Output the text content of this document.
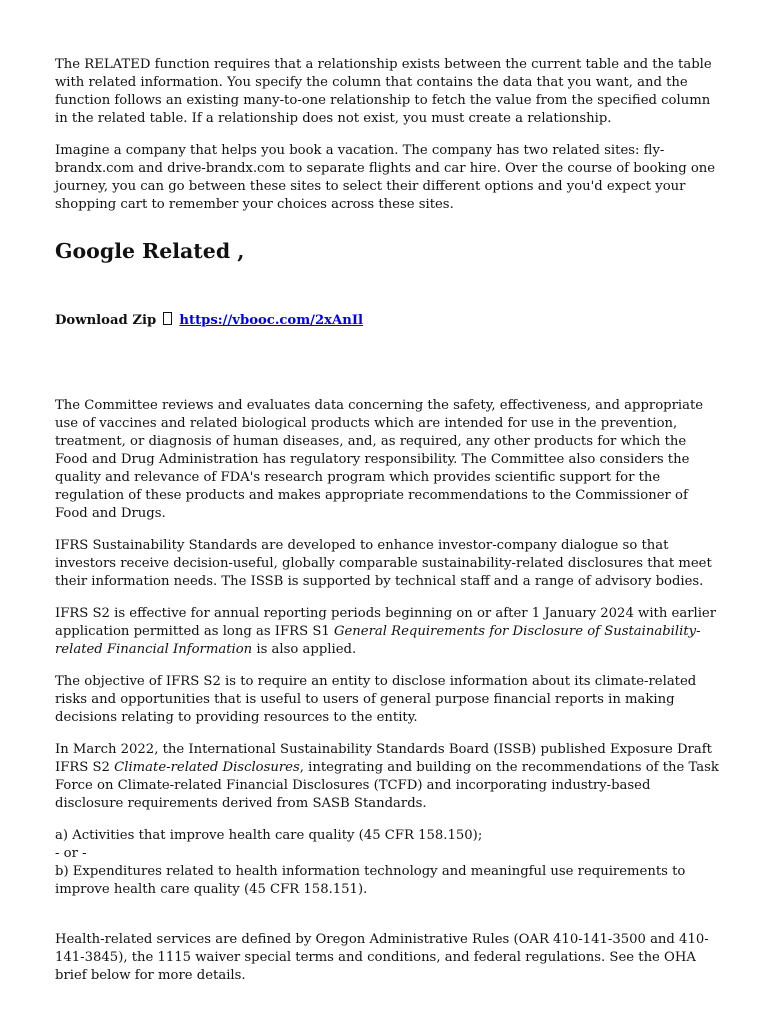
The RELATED function requires that a relationship exists between the current table and the table with related information. You specify the column that contains the data that you want, and the function follows an existing many-to-one relationship to fetch the value from the specified column in the related table. If a relationship does not exist, you must create a relationship.

Imagine a company that helps you book a vacation. The company has two related sites: fly-brandx.com and drive-brandx.com to separate flights and car hire. Over the course of booking one journey, you can go between these sites to select their different options and you'd expect your shopping cart to remember your choices across these sites.

Google Related ,

Download Zip https://vbooc.com/2xAnIl

The Committee reviews and evaluates data concerning the safety, effectiveness, and appropriate use of vaccines and related biological products which are intended for use in the prevention, treatment, or diagnosis of human diseases, and, as required, any other products for which the Food and Drug Administration has regulatory responsibility. The Committee also considers the quality and relevance of FDA's research program which provides scientific support for the regulation of these products and makes appropriate recommendations to the Commissioner of Food and Drugs.

IFRS Sustainability Standards are developed to enhance investor-company dialogue so that investors receive decision-useful, globally comparable sustainability-related disclosures that meet their information needs. The ISSB is supported by technical staff and a range of advisory bodies.

IFRS S2 is effective for annual reporting periods beginning on or after 1 January 2024 with earlier application permitted as long as IFRS S1 General Requirements for Disclosure of Sustainability-related Financial Information is also applied.

The objective of IFRS S2 is to require an entity to disclose information about its climate-related risks and opportunities that is useful to users of general purpose financial reports in making decisions relating to providing resources to the entity.

In March 2022, the International Sustainability Standards Board (ISSB) published Exposure Draft IFRS S2 Climate-related Disclosures, integrating and building on the recommendations of the Task Force on Climate-related Financial Disclosures (TCFD) and incorporating industry-based disclosure requirements derived from SASB Standards.

a) Activities that improve health care quality (45 CFR 158.150);

- or -

b) Expenditures related to health information technology and meaningful use requirements to improve health care quality (45 CFR 158.151).

Health-related services are defined by Oregon Administrative Rules (OAR 410-141-3500 and 410-141-3845), the 1115 waiver special terms and conditions, and federal regulations. See the OHA brief below for more details.
